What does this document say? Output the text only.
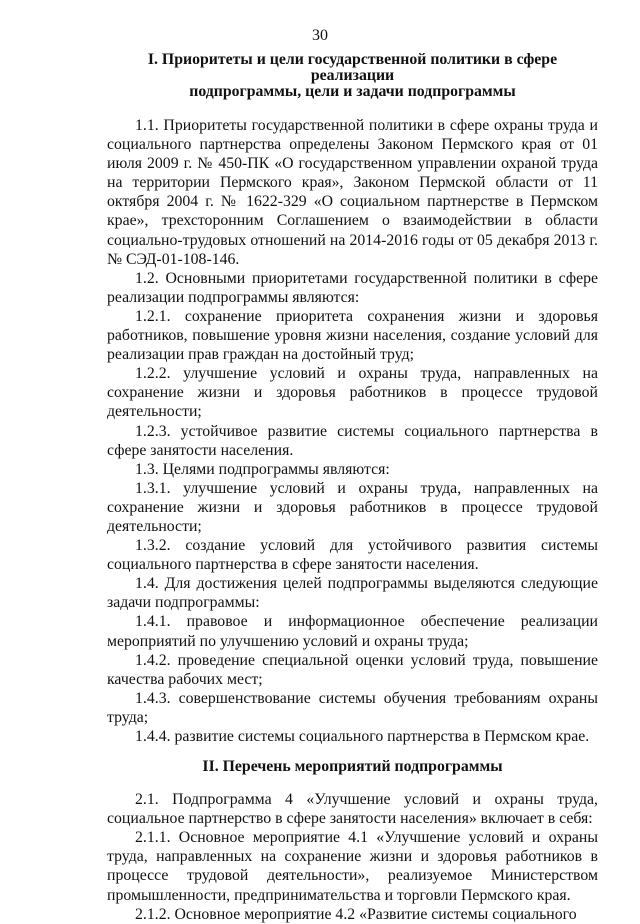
30
I. Приоритеты и цели государственной политики в сфере реализации
подпрограммы, цели и задачи подпрограммы

1.1. Приоритеты государственной политики в сфере охраны труда и социального партнерства определены Законом Пермского края от 01 июля 2009 г. № 450-ПК «О государственном управлении охраной труда на территории Пермского края», Законом Пермской области от 11 октября 2004 г. № 1622-329 «О социальном партнерстве в Пермском крае», трехсторонним Соглашением о взаимодействии в области социально-трудовых отношений на 2014-2016 годы от 05 декабря 2013 г. № СЭД-01-108-146.

1.2. Основными приоритетами государственной политики в сфере реализации подпрограммы являются:

1.2.1. сохранение приоритета сохранения жизни и здоровья работников, повышение уровня жизни населения, создание условий для реализации прав граждан на достойный труд;

1.2.2. улучшение условий и охраны труда, направленных на сохранение жизни и здоровья работников в процессе трудовой деятельности;

1.2.3. устойчивое развитие системы социального партнерства в сфере занятости населения.

1.3. Целями подпрограммы являются:

1.3.1. улучшение условий и охраны труда, направленных на сохранение жизни и здоровья работников в процессе трудовой деятельности;

1.3.2. создание условий для устойчивого развития системы социального партнерства в сфере занятости населения.

1.4. Для достижения целей подпрограммы выделяются следующие задачи подпрограммы:

1.4.1. правовое и информационное обеспечение реализации мероприятий по улучшению условий и охраны труда;

1.4.2. проведение специальной оценки условий труда, повышение качества рабочих мест;

1.4.3. совершенствование системы обучения требованиям охраны труда;

1.4.4. развитие системы социального партнерства в Пермском крае.

II. Перечень мероприятий подпрограммы

2.1. Подпрограмма 4 «Улучшение условий и охраны труда, социальное партнерство в сфере занятости населения» включает в себя:

2.1.1. Основное мероприятие 4.1 «Улучшение условий и охраны труда, направленных на сохранение жизни и здоровья работников в процессе трудовой деятельности», реализуемое Министерством промышленности, предпринимательства и торговли Пермского края.

2.1.2. Основное мероприятие 4.2 «Развитие системы социального
